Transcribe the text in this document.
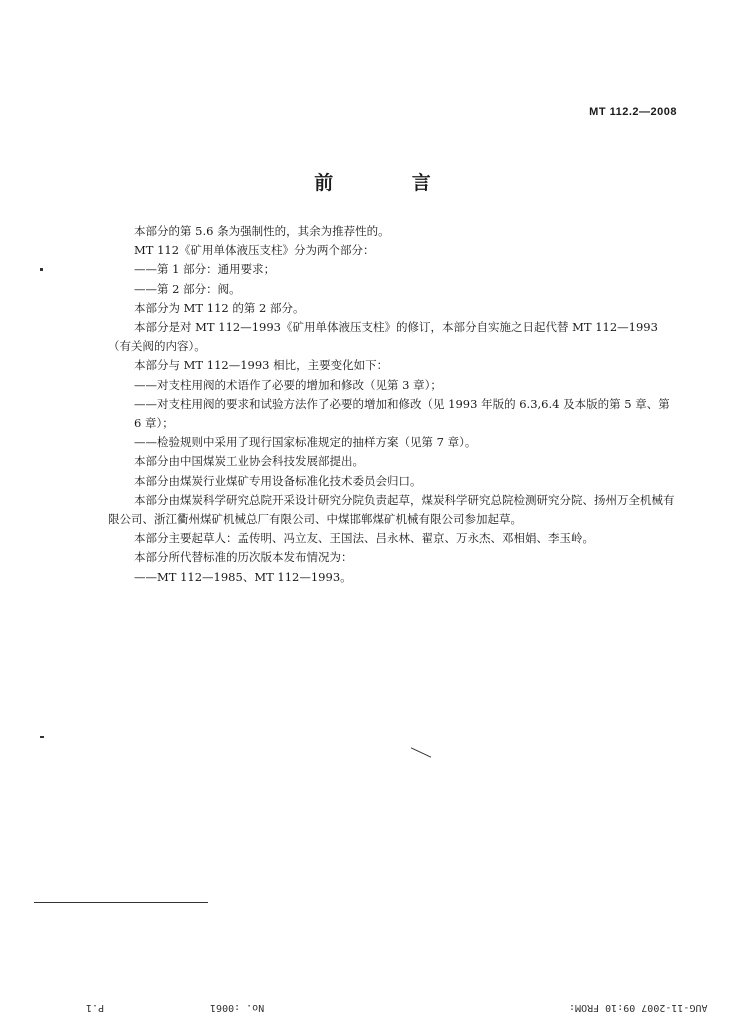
MT 112.2—2008
前 言

本部分的第 5.6 条为强制性的，其余为推荐性的。

MT 112《矿用单体液压支柱》分为两个部分：

——第 1 部分：通用要求；

——第 2 部分：阀。

本部分为 MT 112 的第 2 部分。

本部分是对 MT 112—1993《矿用单体液压支柱》的修订，本部分自实施之日起代替 MT 112—1993（有关阀的内容）。

本部分与 MT 112—1993 相比，主要变化如下：

——对支柱用阀的术语作了必要的增加和修改（见第 3 章）；

——对支柱用阀的要求和试验方法作了必要的增加和修改（见 1993 年版的 6.3,6.4 及本版的第 5 章、第 6 章）；

——检验规则中采用了现行国家标准规定的抽样方案（见第 7 章）。

本部分由中国煤炭工业协会科技发展部提出。

本部分由煤炭行业煤矿专用设备标准化技术委员会归口。

本部分由煤炭科学研究总院开采设计研究分院负责起草，煤炭科学研究总院检测研究分院、扬州万全机械有限公司、浙江衢州煤矿机械总厂有限公司、中煤邯郸煤矿机械有限公司参加起草。

本部分主要起草人：孟传明、冯立友、王国法、吕永林、翟京、万永杰、邓相娟、李玉岭。

本部分所代替标准的历次版本发布情况为：

——MT 112—1985、MT 112—1993。

P.1	No. :0061	AUG-11-2007 09:10 FROM:
